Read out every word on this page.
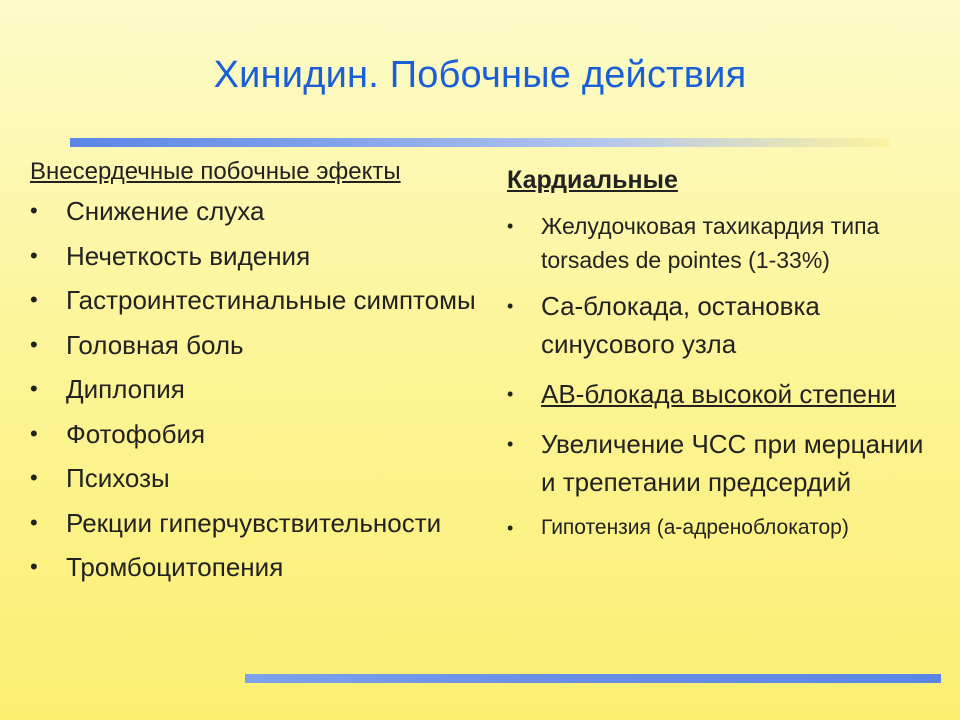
Хинидин. Побочные действия
Внесердечные побочные эфекты
• Снижение слуха
• Нечеткость видения
• Гастроинтестинальные симптомы
• Головная боль
• Диплопия
• Фотофобия
• Психозы
• Рекции гиперчувствительности
• Тромбоцитопения
Кардиальные
• Желудочковая тахикардия типа torsades de pointes (1-33%)
• Са-блокада, остановка синусового узла
• АВ-блокада высокой степени
• Увеличение ЧСС при мерцании и трепетании предсердий
• Гипотензия (а-адреноблокатор)
